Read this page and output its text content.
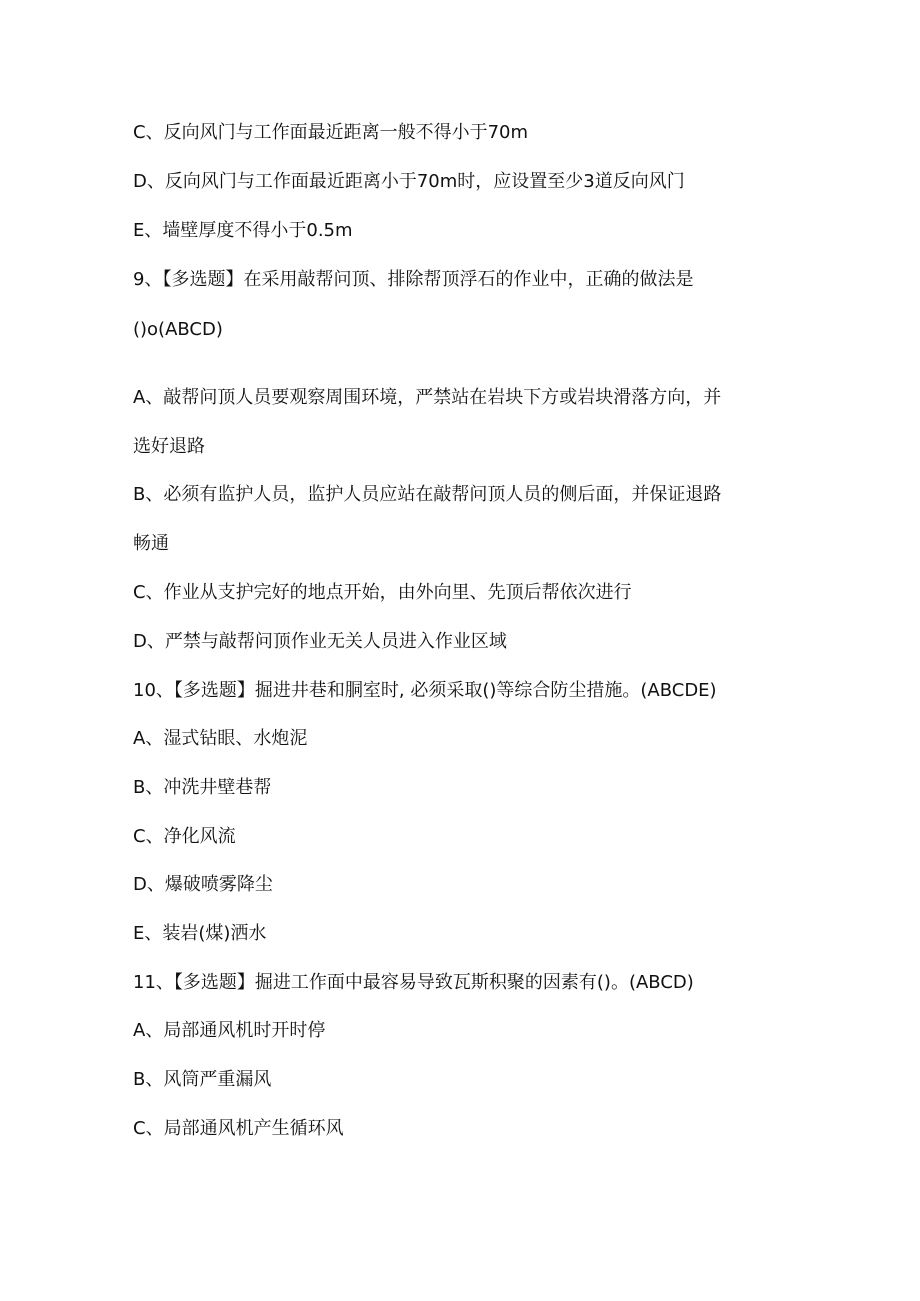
C、反向风门与工作面最近距离一般不得小于70m
D、反向风门与工作面最近距离小于70m时，应设置至少3道反向风门
E、墙壁厚度不得小于0.5m
9、【多选题】在采用敲帮问顶、排除帮顶浮石的作业中，正确的做法是
()o(ABCD)
A、敲帮问顶人员要观察周围环境，严禁站在岩块下方或岩块滑落方向，并
选好退路
B、必须有监护人员，监护人员应站在敲帮问顶人员的侧后面，并保证退路
畅通
C、作业从支护完好的地点开始，由外向里、先顶后帮依次进行
D、严禁与敲帮问顶作业无关人员进入作业区域
10、【多选题】掘进井巷和胴室时, 必须采取()等综合防尘措施。(ABCDE)
A、湿式钻眼、水炮泥
B、冲洗井壁巷帮
C、净化风流
D、爆破喷雾降尘
E、装岩(煤)洒水
11、【多选题】掘进工作面中最容易导致瓦斯积聚的因素有()。(ABCD)
A、局部通风机时开时停
B、风筒严重漏风
C、局部通风机产生循环风
